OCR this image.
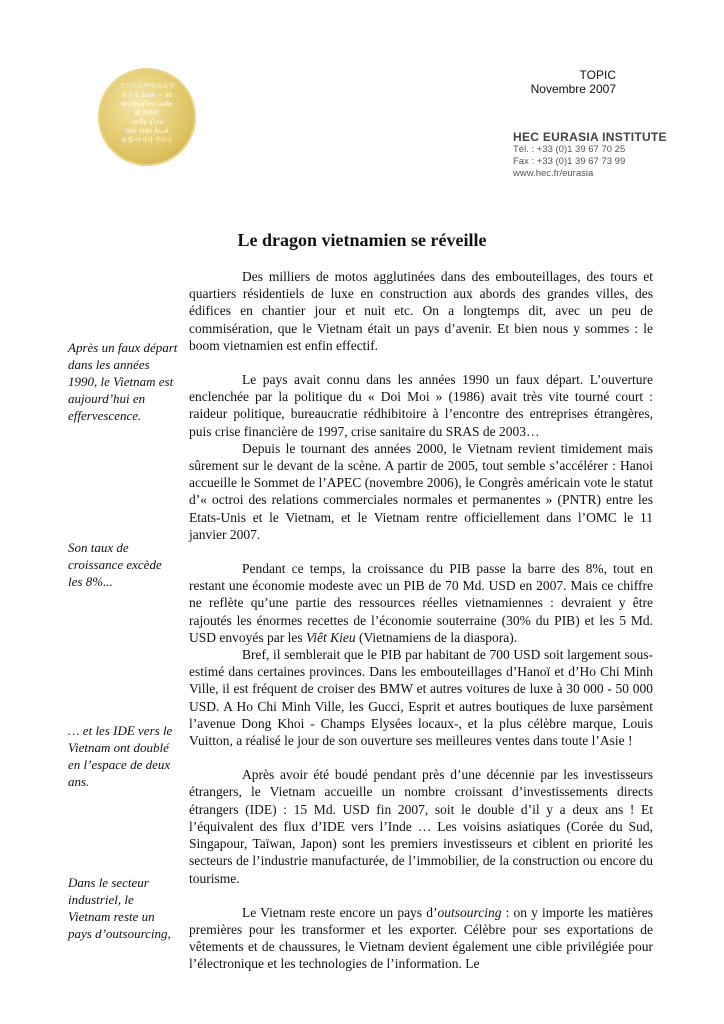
アジアの中央の大学
ちらる bam ~ ab
สถาบันยุโรป-เอเชีย
歐亞學院
เอเชีย ยุโรป
Học viện Âu-Á
유럽-아시아 연구소
TOPIC
Novembre 2007
HEC EURASIA INSTITUTE
Tél. : +33 (0)1 39 67 70 25
Fax : +33 (0)1 39 67 73 99
www.hec.fr/eurasia
Le dragon vietnamien se réveille
Après un faux départ dans les années 1990, le Vietnam est aujourd’hui en effervescence.
Son taux de croissance excède les 8%...
… et les IDE vers le Vietnam ont doublé en l’espace de deux ans.
Dans le secteur industriel, le Vietnam reste un pays d’outsourcing,

Des milliers de motos agglutinées dans des embouteillages, des tours et quartiers résidentiels de luxe en construction aux abords des grandes villes, des édifices en chantier jour et nuit etc. On a longtemps dit, avec un peu de commisération, que le Vietnam était un pays d’avenir. Et bien nous y sommes : le boom vietnamien est enfin effectif.

Le pays avait connu dans les années 1990 un faux départ. L’ouverture enclenchée par la politique du « Doi Moi » (1986) avait très vite tourné court : raideur politique, bureaucratie rédhibitoire à l’encontre des entreprises étrangères, puis crise financière de 1997, crise sanitaire du SRAS de 2003…

Depuis le tournant des années 2000, le Vietnam revient timidement mais sûrement sur le devant de la scène. A partir de 2005, tout semble s’accélérer : Hanoi accueille le Sommet de l’APEC (novembre 2006), le Congrès américain vote le statut d’« octroi des relations commerciales normales et permanentes » (PNTR) entre les Etats-Unis et le Vietnam, et le Vietnam rentre officiellement dans l’OMC le 11 janvier 2007.

Pendant ce temps, la croissance du PIB passe la barre des 8%, tout en restant une économie modeste avec un PIB de 70 Md. USD en 2007. Mais ce chiffre ne reflète qu’une partie des ressources réelles vietnamiennes : devraient y être rajoutés les énormes recettes de l’économie souterraine (30% du PIB) et les 5 Md. USD envoyés par les Viêt Kieu (Vietnamiens de la diaspora).

Bref, il semblerait que le PIB par habitant de 700 USD soit largement sous-estimé dans certaines provinces. Dans les embouteillages d’Hanoï et d’Ho Chi Minh Ville, il est fréquent de croiser des BMW et autres voitures de luxe à 30 000 - 50 000 USD. A Ho Chi Minh Ville, les Gucci, Esprit et autres boutiques de luxe parsèment l’avenue Dong Khoi - Champs Elysées locaux-, et la plus célèbre marque, Louis Vuitton, a réalisé le jour de son ouverture ses meilleures ventes dans toute l’Asie !

Après avoir été boudé pendant près d’une décennie par les investisseurs étrangers, le Vietnam accueille un nombre croissant d’investissements directs étrangers (IDE) : 15 Md. USD fin 2007, soit le double d’il y a deux ans ! Et l’équivalent des flux d’IDE vers l’Inde … Les voisins asiatiques (Corée du Sud, Singapour, Taïwan, Japon) sont les premiers investisseurs et ciblent en priorité les secteurs de l’industrie manufacturée, de l’immobilier, de la construction ou encore du tourisme.

Le Vietnam reste encore un pays d’outsourcing : on y importe les matières premières pour les transformer et les exporter. Célèbre pour ses exportations de vêtements et de chaussures, le Vietnam devient également une cible privilégiée pour l’électronique et les technologies de l’information. Le
